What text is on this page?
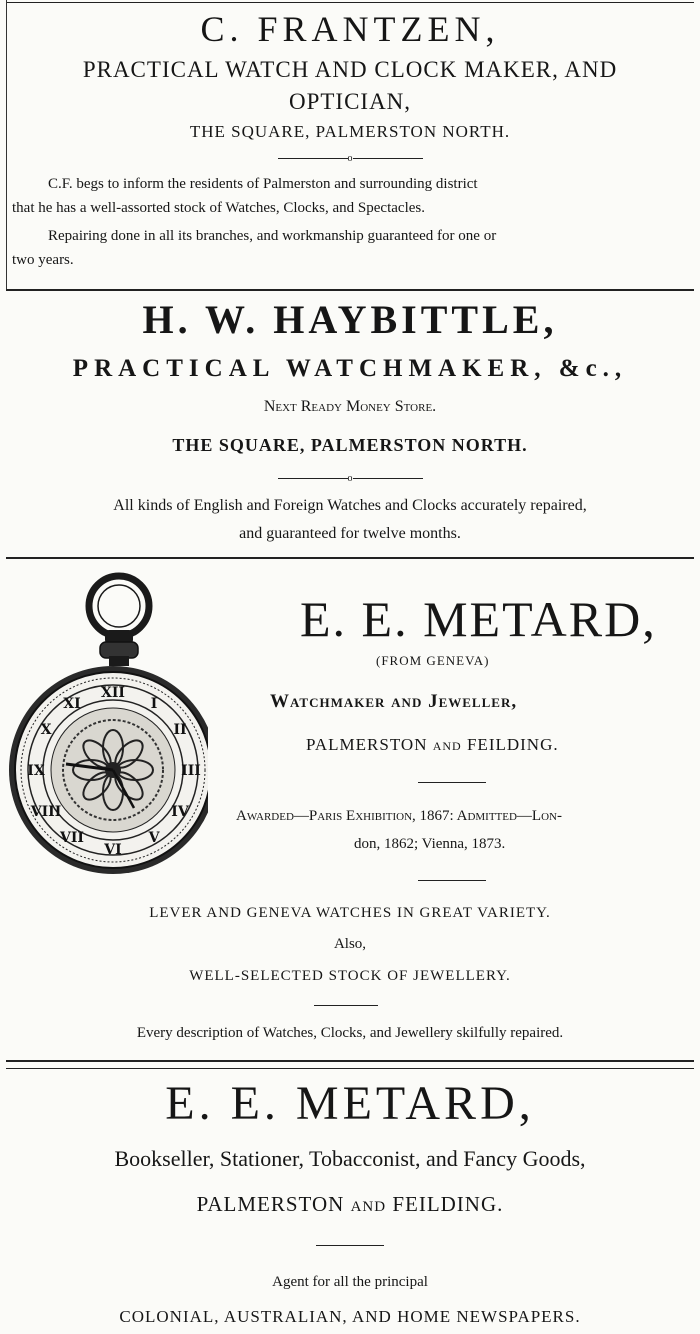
C. FRANTZEN,
PRACTICAL WATCH AND CLOCK MAKER, AND
OPTICIAN,
THE SQUARE, PALMERSTON NORTH.
o

C.F. begs to inform the residents of Palmerston and surrounding district

that he has a well-assorted stock of Watches, Clocks, and Spectacles.

Repairing done in all its branches, and workmanship guaranteed for one or

two years.
H. W. HAYBITTLE,
PRACTICAL WATCHMAKER, &c.,
Next Ready Money Store.
THE SQUARE, PALMERSTON NORTH.
o
All kinds of English and Foreign Watches and Clocks accurately repaired,
and guaranteed for twelve months.
XII
I
II
III
IV
V
VI
VII
VIII
IX
X
XI
E. E. METARD,
(FROM GENEVA)
Watchmaker and Jeweller,
PALMERSTON and FEILDING.
Awarded—Paris Exhibition, 1867: Admitted—Lon-
don, 1862; Vienna, 1873.
LEVER AND GENEVA WATCHES IN GREAT VARIETY.
Also,
WELL-SELECTED STOCK OF JEWELLERY.
Every description of Watches, Clocks, and Jewellery skilfully repaired.
E. E. METARD,
Bookseller, Stationer, Tobacconist, and Fancy Goods,
PALMERSTON and FEILDING.
Agent for all the principal
COLONIAL, AUSTRALIAN, AND HOME NEWSPAPERS.
